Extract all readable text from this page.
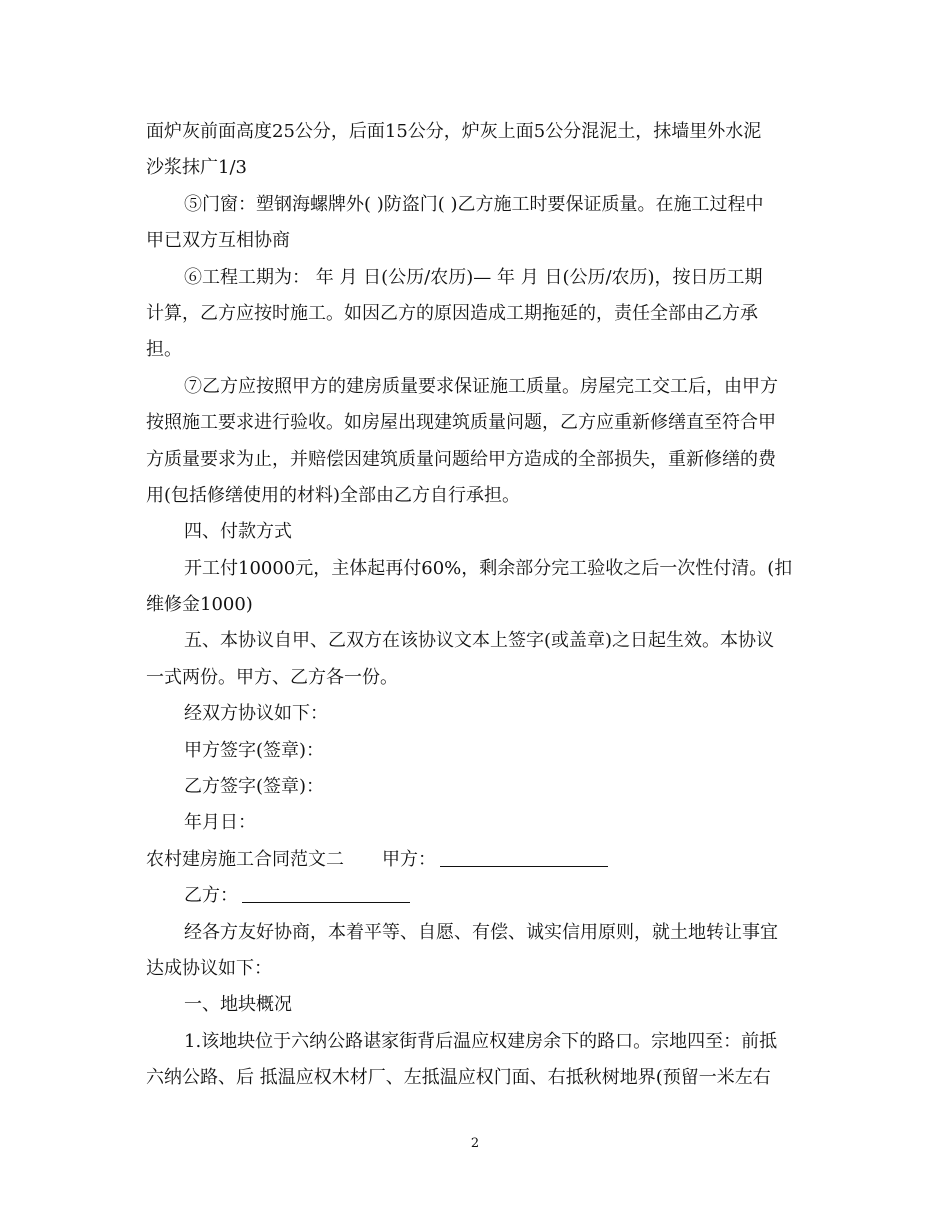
面炉灰前面高度25公分，后面15公分，炉灰上面5公分混泥土，抹墙里外水泥
沙浆抹广1/3
⑤门窗：塑钢海螺牌外( )防盗门( )乙方施工时要保证质量。在施工过程中
甲已双方互相协商
⑥工程工期为： 年 月 日(公历/农历)— 年 月 日(公历/农历)，按日历工期
计算，乙方应按时施工。如因乙方的原因造成工期拖延的，责任全部由乙方承
担。
⑦乙方应按照甲方的建房质量要求保证施工质量。房屋完工交工后，由甲方
按照施工要求进行验收。如房屋出现建筑质量问题，乙方应重新修缮直至符合甲
方质量要求为止，并赔偿因建筑质量问题给甲方造成的全部损失，重新修缮的费
用(包括修缮使用的材料)全部由乙方自行承担。
四、付款方式
开工付10000元，主体起再付60%，剩余部分完工验收之后一次性付清。(扣
维修金1000)
五、本协议自甲、乙双方在该协议文本上签字(或盖章)之日起生效。本协议
一式两份。甲方、乙方各一份。
经双方协议如下：
甲方签字(签章)：
乙方签字(签章)：
年月日：
农村建房施工合同范文二 甲方：
乙方：
经各方友好协商，本着平等、自愿、有偿、诚实信用原则，就土地转让事宜
达成协议如下：
一、地块概况
1.该地块位于六纳公路谌家街背后温应权建房余下的路口。宗地四至：前抵
六纳公路、后 抵温应权木材厂、左抵温应权门面、右抵秋树地界(预留一米左右
2
